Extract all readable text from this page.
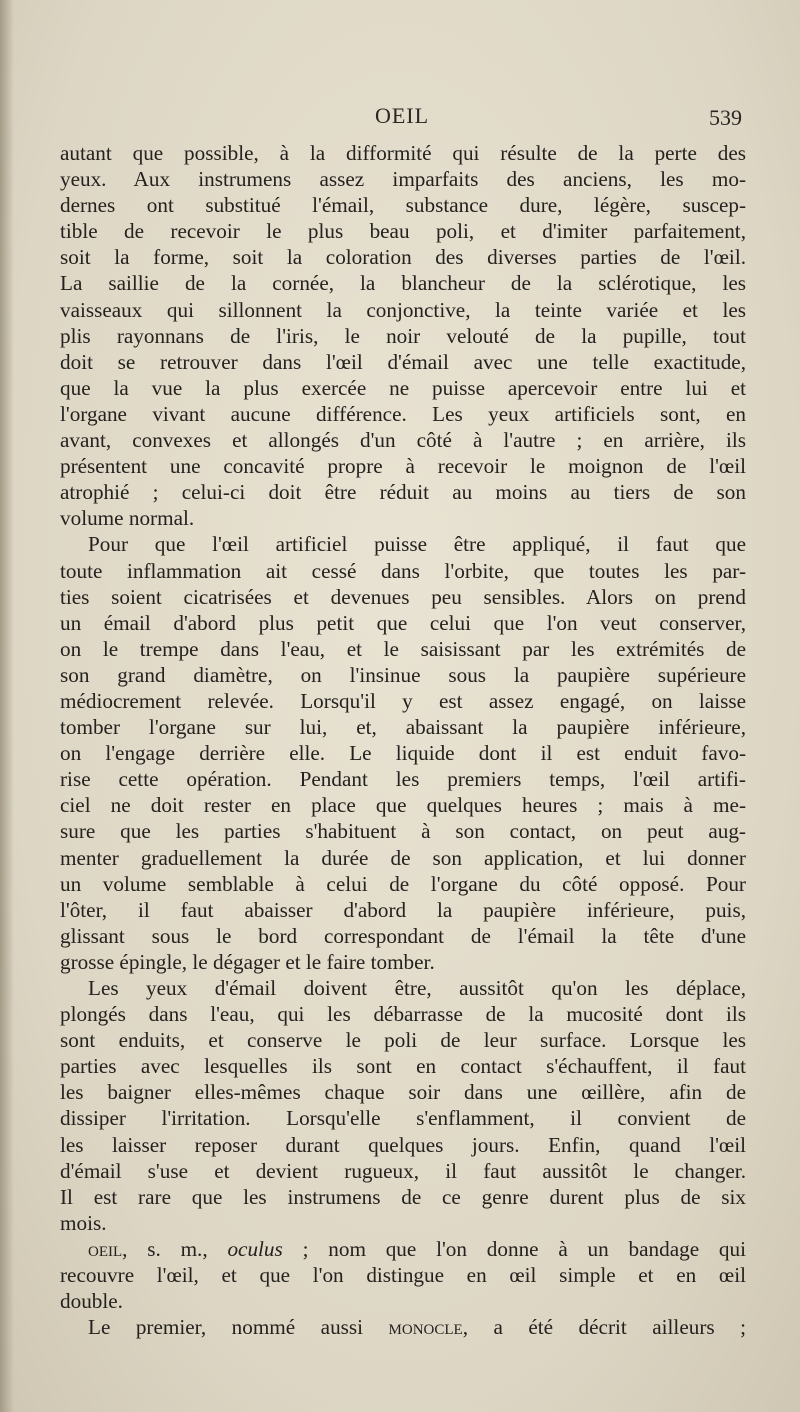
OEIL	539
autant que possible, à la difformité qui résulte de la perte des
yeux. Aux instrumens assez imparfaits des anciens, les mo-
dernes ont substitué l'émail, substance dure, légère, suscep-
tible de recevoir le plus beau poli, et d'imiter parfaitement,
soit la forme, soit la coloration des diverses parties de l'œil.
La saillie de la cornée, la blancheur de la sclérotique, les
vaisseaux qui sillonnent la conjonctive, la teinte variée et les
plis rayonnans de l'iris, le noir velouté de la pupille, tout
doit se retrouver dans l'œil d'émail avec une telle exactitude,
que la vue la plus exercée ne puisse apercevoir entre lui et
l'organe vivant aucune différence. Les yeux artificiels sont, en
avant, convexes et allongés d'un côté à l'autre ; en arrière, ils
présentent une concavité propre à recevoir le moignon de l'œil
atrophié ; celui-ci doit être réduit au moins au tiers de son
volume normal.
Pour que l'œil artificiel puisse être appliqué, il faut que
toute inflammation ait cessé dans l'orbite, que toutes les par-
ties soient cicatrisées et devenues peu sensibles. Alors on prend
un émail d'abord plus petit que celui que l'on veut conserver,
on le trempe dans l'eau, et le saisissant par les extrémités de
son grand diamètre, on l'insinue sous la paupière supérieure
médiocrement relevée. Lorsqu'il y est assez engagé, on laisse
tomber l'organe sur lui, et, abaissant la paupière inférieure,
on l'engage derrière elle. Le liquide dont il est enduit favo-
rise cette opération. Pendant les premiers temps, l'œil artifi-
ciel ne doit rester en place que quelques heures ; mais à me-
sure que les parties s'habituent à son contact, on peut aug-
menter graduellement la durée de son application, et lui donner
un volume semblable à celui de l'organe du côté opposé. Pour
l'ôter, il faut abaisser d'abord la paupière inférieure, puis,
glissant sous le bord correspondant de l'émail la tête d'une
grosse épingle, le dégager et le faire tomber.
Les yeux d'émail doivent être, aussitôt qu'on les déplace,
plongés dans l'eau, qui les débarrasse de la mucosité dont ils
sont enduits, et conserve le poli de leur surface. Lorsque les
parties avec lesquelles ils sont en contact s'échauffent, il faut
les baigner elles-mêmes chaque soir dans une œillère, afin de
dissiper l'irritation. Lorsqu'elle s'enflamment, il convient de
les laisser reposer durant quelques jours. Enfin, quand l'œil
d'émail s'use et devient rugueux, il faut aussitôt le changer.
Il est rare que les instrumens de ce genre durent plus de six
mois.
oeil, s. m., oculus ; nom que l'on donne à un bandage qui
recouvre l'œil, et que l'on distingue en œil simple et en œil
double.
Le premier, nommé aussi monocle, a été décrit ailleurs ;
